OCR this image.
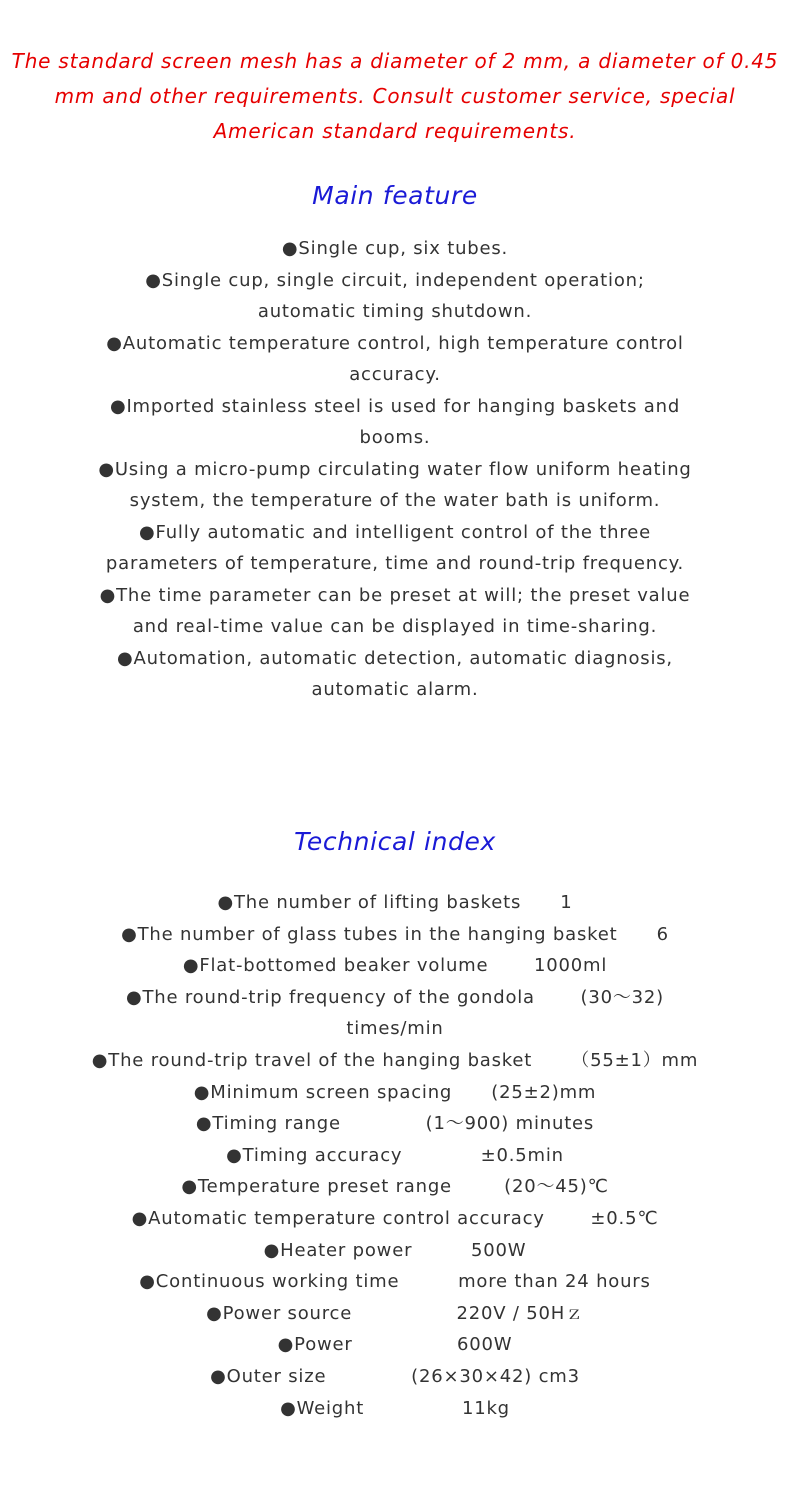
The standard screen mesh has a diameter of 2 mm, a diameter of 0.45 mm and other requirements. Consult customer service, special American standard requirements.
Main feature
●Single cup, six tubes.
●Single cup, single circuit, independent operation; automatic timing shutdown.
●Automatic temperature control, high temperature control accuracy.
●Imported stainless steel is used for hanging baskets and booms.
●Using a micro-pump circulating water flow uniform heating system, the temperature of the water bath is uniform.
●Fully automatic and intelligent control of the three parameters of temperature, time and round-trip frequency.
●The time parameter can be preset at will; the preset value and real-time value can be displayed in time-sharing.
●Automation, automatic detection, automatic diagnosis, automatic alarm.
Technical index
●The number of lifting baskets 1
●The number of glass tubes in the hanging basket 6
●Flat-bottomed beaker volume	1000ml
●The round-trip frequency of the gondola	(30～32) times/min
●The round-trip travel of the hanging basket （55±1）mm
●Minimum screen spacing (25±2)mm
●Timing range	(1～900) minutes
●Timing accuracy	±0.5min
●Temperature preset range	(20～45)℃
●Automatic temperature control accuracy	±0.5℃
●Heater power	500W
●Continuous working time	more than 24 hours
●Power source	220V / 50Hｚ
●Power	600W
●Outer size	(26×30×42) cm3
●Weight	11kg
